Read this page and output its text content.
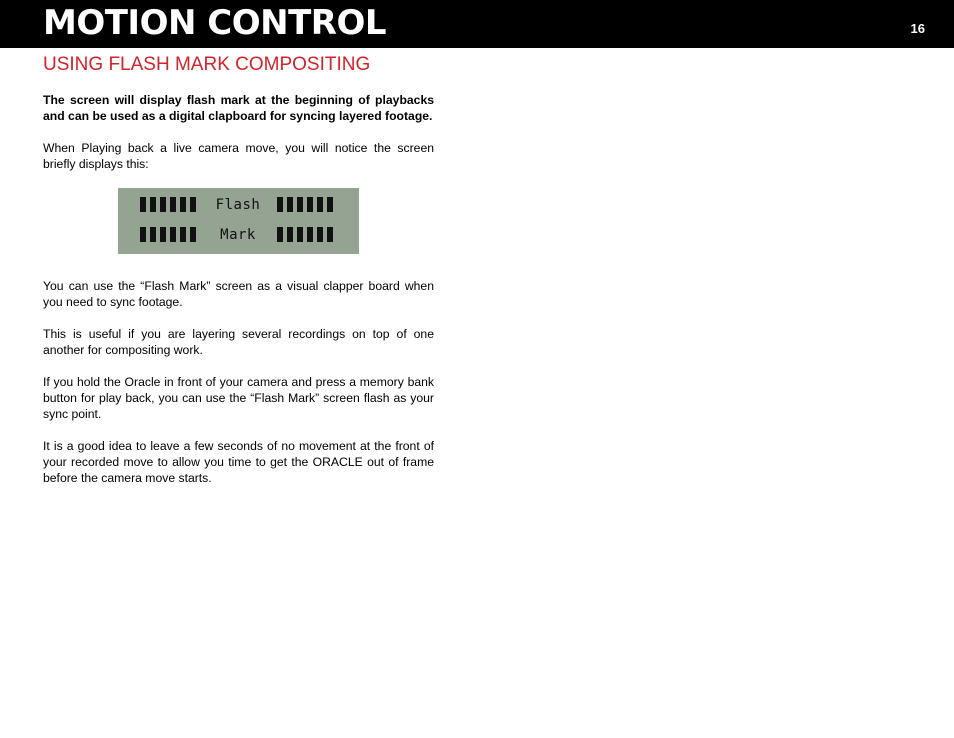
MOTION CONTROL	16
USING FLASH MARK COMPOSITING

The screen will display flash mark at the beginning of playbacks and can be used as a digital clapboard for syncing layered footage.

When Playing back a live camera move, you will notice the screen briefly displays this:

Flash
Mark

You can use the “Flash Mark” screen as a visual clapper board when you need to sync footage.

This is useful if you are layering several recordings on top of one another for compositing work.

If you hold the Oracle in front of your camera and press a memory bank button for play back, you can use the “Flash Mark” screen flash as your sync point.

It is a good idea to leave a few seconds of no movement at the front of your recorded move to allow you time to get the ORACLE out of frame before the camera move starts.
